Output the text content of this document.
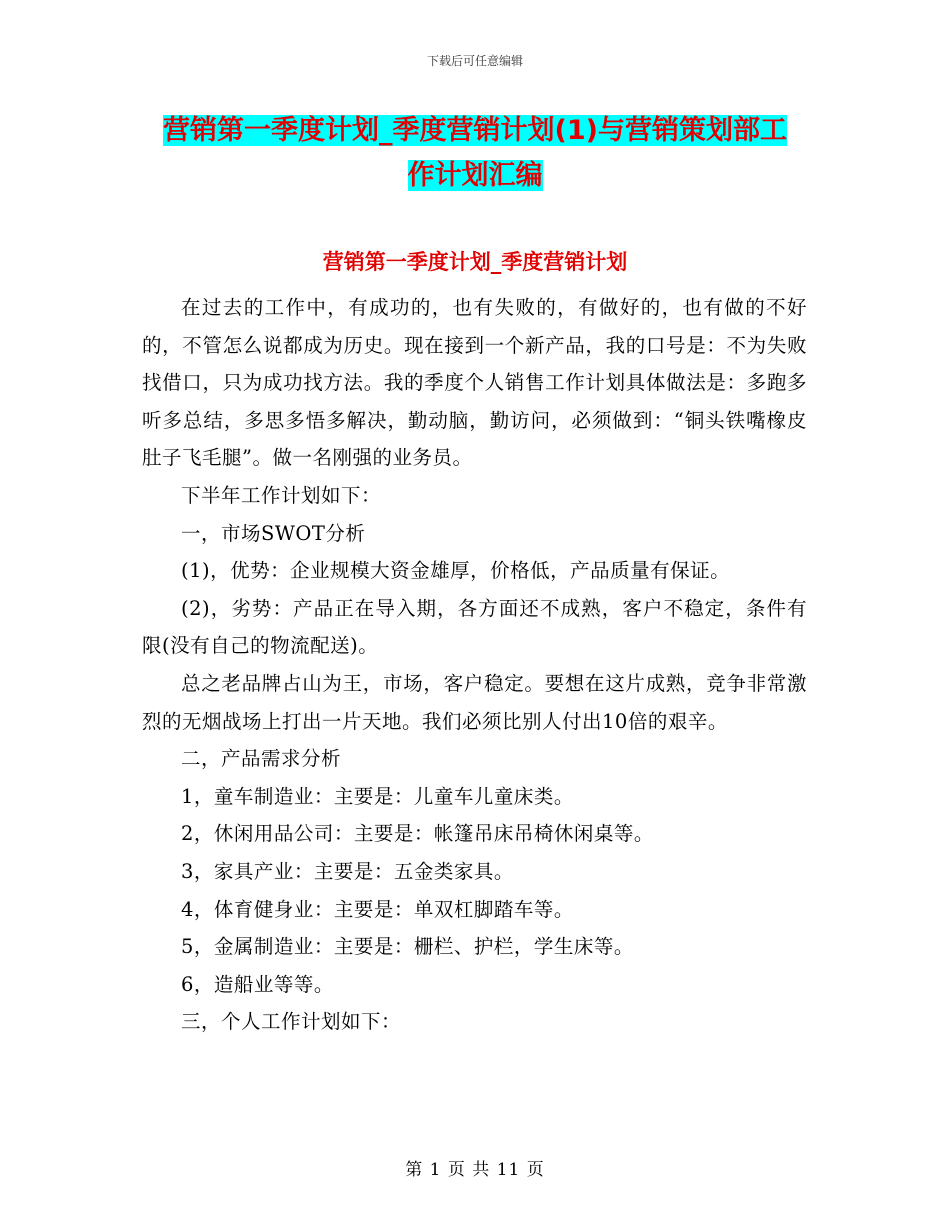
下载后可任意编辑
营销第一季度计划_季度营销计划(1)与营销策划部工
作计划汇编
营销第一季度计划_季度营销计划

在过去的工作中，有成功的，也有失败的，有做好的，也有做的不好的，不管怎么说都成为历史。现在接到一个新产品，我的口号是：不为失败找借口，只为成功找方法。我的季度个人销售工作计划具体做法是：多跑多听多总结，多思多悟多解决，勤动脑，勤访问，必须做到：“铜头铁嘴橡皮肚子飞毛腿”。做一名刚强的业务员。

下半年工作计划如下：

一，市场SWOT分析

(1)，优势：企业规模大资金雄厚，价格低，产品质量有保证。

(2)，劣势：产品正在导入期，各方面还不成熟，客户不稳定，条件有限(没有自己的物流配送)。

总之老品牌占山为王，市场，客户稳定。要想在这片成熟，竞争非常激烈的无烟战场上打出一片天地。我们必须比别人付出10倍的艰辛。

二，产品需求分析

1，童车制造业：主要是：儿童车儿童床类。

2，休闲用品公司：主要是：帐篷吊床吊椅休闲桌等。

3，家具产业：主要是：五金类家具。

4，体育健身业：主要是：单双杠脚踏车等。

5，金属制造业：主要是：栅栏、护栏，学生床等。

6，造船业等等。

三，个人工作计划如下：

第 1 页 共 11 页
